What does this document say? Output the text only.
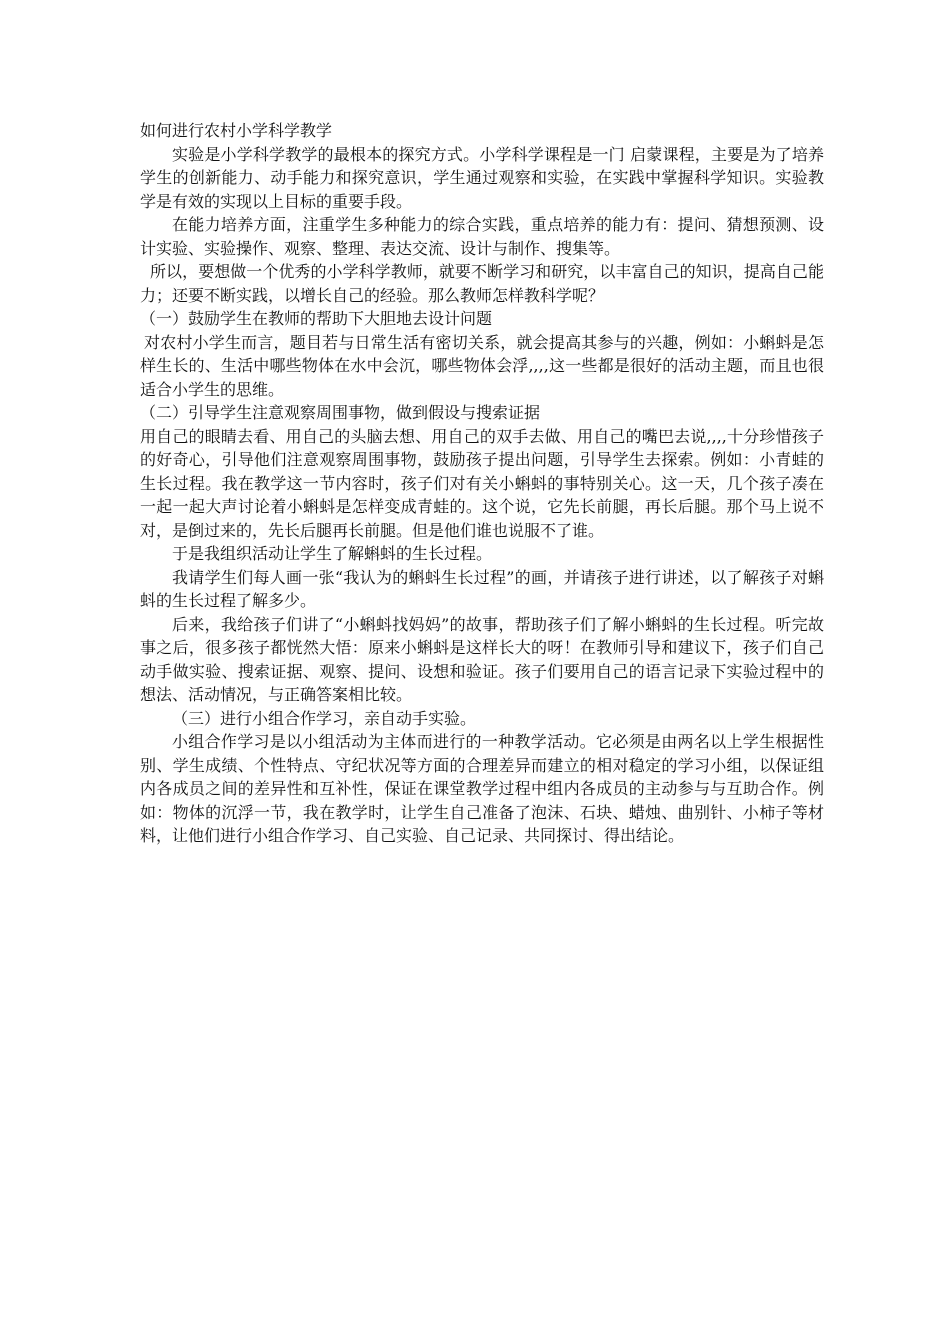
如何进行农村小学科学教学

实验是小学科学教学的最根本的探究方式。小学科学课程是一门 启蒙课程，主要是为了培养学生的创新能力、动手能力和探究意识，学生通过观察和实验，在实践中掌握科学知识。实验教学是有效的实现以上目标的重要手段。

在能力培养方面，注重学生多种能力的综合实践，重点培养的能力有：提问、猜想预测、设计实验、实验操作、观察、整理、表达交流、设计与制作、搜集等。

所以，要想做一个优秀的小学科学教师，就要不断学习和研究，以丰富自己的知识，提高自己能力；还要不断实践，以增长自己的经验。那么教师怎样教科学呢？

（一）鼓励学生在教师的帮助下大胆地去设计问题

对农村小学生而言，题目若与日常生活有密切关系，就会提高其参与的兴趣，例如：小蝌蚪是怎样生长的、生活中哪些物体在水中会沉，哪些物体会浮,,,,这一些都是很好的活动主题，而且也很适合小学生的思维。

（二）引导学生注意观察周围事物，做到假设与搜索证据

用自己的眼睛去看、用自己的头脑去想、用自己的双手去做、用自己的嘴巴去说,,,,十分珍惜孩子的好奇心，引导他们注意观察周围事物，鼓励孩子提出问题，引导学生去探索。例如：小青蛙的生长过程。我在教学这一节内容时，孩子们对有关小蝌蚪的事特别关心。这一天，几个孩子凑在一起一起大声讨论着小蝌蚪是怎样变成青蛙的。这个说，它先长前腿，再长后腿。那个马上说不对，是倒过来的，先长后腿再长前腿。但是他们谁也说服不了谁。

于是我组织活动让学生了解蝌蚪的生长过程。

我请学生们每人画一张“我认为的蝌蚪生长过程”的画，并请孩子进行讲述，以了解孩子对蝌蚪的生长过程了解多少。

后来，我给孩子们讲了“小蝌蚪找妈妈”的故事，帮助孩子们了解小蝌蚪的生长过程。听完故事之后，很多孩子都恍然大悟：原来小蝌蚪是这样长大的呀！在教师引导和建议下，孩子们自己动手做实验、搜索证据、观察、提问、设想和验证。孩子们要用自己的语言记录下实验过程中的想法、活动情况，与正确答案相比较。

（三）进行小组合作学习，亲自动手实验。

小组合作学习是以小组活动为主体而进行的一种教学活动。它必须是由两名以上学生根据性别、学生成绩、个性特点、守纪状况等方面的合理差异而建立的相对稳定的学习小组，以保证组内各成员之间的差异性和互补性，保证在课堂教学过程中组内各成员的主动参与与互助合作。例如：物体的沉浮一节，我在教学时，让学生自己准备了泡沫、石块、蜡烛、曲别针、小柿子等材料，让他们进行小组合作学习、自己实验、自己记录、共同探讨、得出结论。
